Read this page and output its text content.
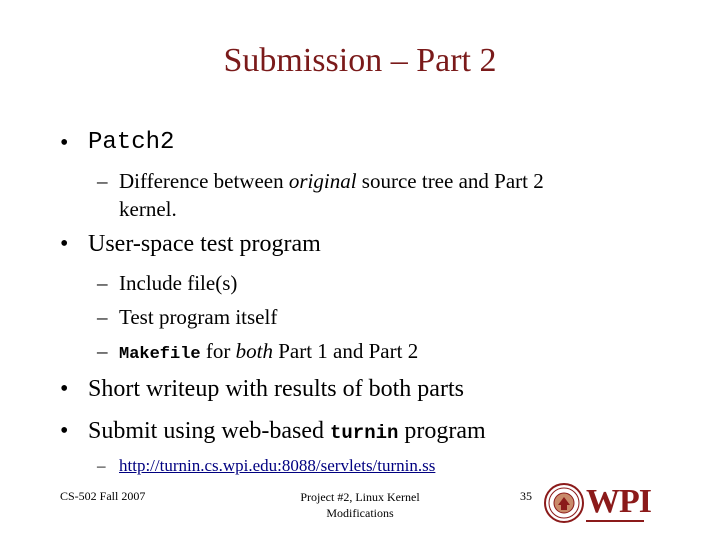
Submission – Part 2
• Patch2
– Difference between original source tree and Part 2
kernel.
• User-space test program
– Include file(s)
– Test program itself
– Makefile for both Part 1 and Part 2
• Short writeup with results of both parts
• Submit using web-based turnin program
– http://turnin.cs.wpi.edu:8088/servlets/turnin.ss
CS-502 Fall 2007	Project #2, Linux Kernel
Modifications
35 WPI
